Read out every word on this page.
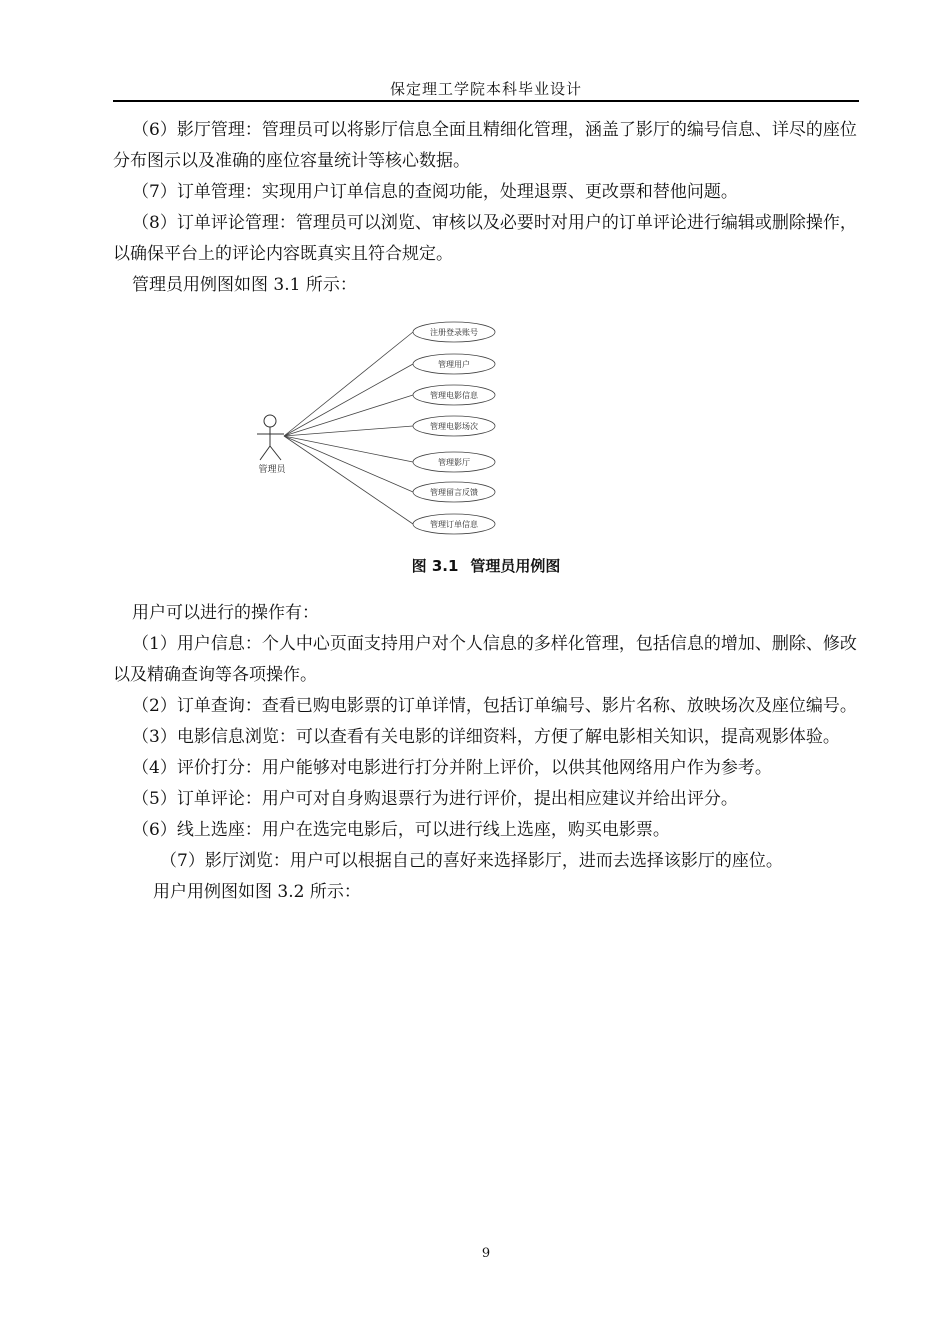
保定理工学院本科毕业设计

（6）影厅管理：管理员可以将影厅信息全面且精细化管理，涵盖了影厅的编号信息、详尽的座位分布图示以及准确的座位容量统计等核心数据。

（7）订单管理：实现用户订单信息的查阅功能，处理退票、更改票和替他问题。

（8）订单评论管理：管理员可以浏览、审核以及必要时对用户的订单评论进行编辑或删除操作，以确保平台上的评论内容既真实且符合规定。

管理员用例图如图 3.1 所示：

管理员
注册登录账号
管理用户
管理电影信息
管理电影场次
管理影厅
管理留言反馈
管理订单信息
图 3.1 管理员用例图

用户可以进行的操作有：

（1）用户信息：个人中心页面支持用户对个人信息的多样化管理，包括信息的增加、删除、修改以及精确查询等各项操作。

（2）订单查询：查看已购电影票的订单详情，包括订单编号、影片名称、放映场次及座位编号。

（3）电影信息浏览：可以查看有关电影的详细资料，方便了解电影相关知识，提高观影体验。

（4）评价打分：用户能够对电影进行打分并附上评价，以供其他网络用户作为参考。

（5）订单评论：用户可对自身购退票行为进行评价，提出相应建议并给出评分。

（6）线上选座：用户在选完电影后，可以进行线上选座，购买电影票。

（7）影厅浏览：用户可以根据自己的喜好来选择影厅，进而去选择该影厅的座位。

用户用例图如图 3.2 所示：

9
